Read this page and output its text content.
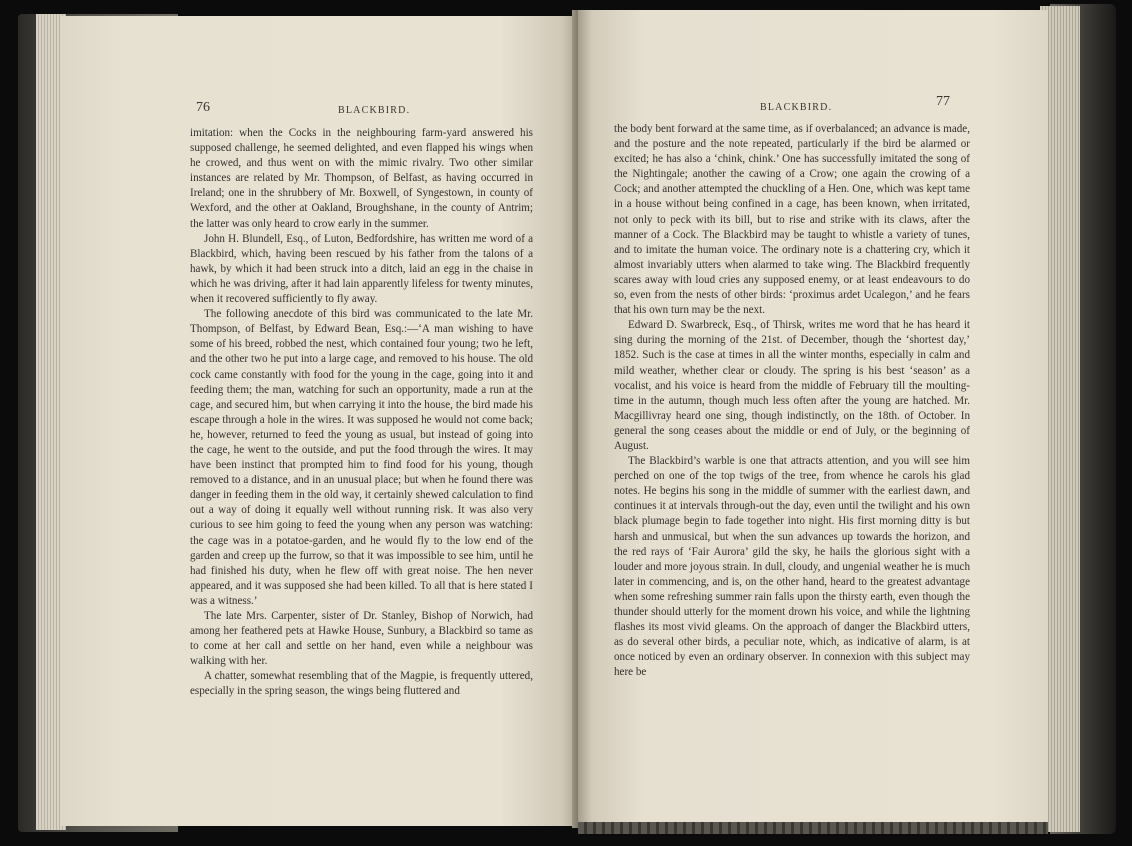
76	BLACKBIRD.

imitation: when the Cocks in the neighbouring farm-yard answered his supposed challenge, he seemed delighted, and even flapped his wings when he crowed, and thus went on with the mimic rivalry. Two other similar instances are related by Mr. Thompson, of Belfast, as having occurred in Ireland; one in the shrubbery of Mr. Boxwell, of Syngestown, in county of Wexford, and the other at Oakland, Broughshane, in the county of Antrim; the latter was only heard to crow early in the summer.

John H. Blundell, Esq., of Luton, Bedfordshire, has written me word of a Blackbird, which, having been rescued by his father from the talons of a hawk, by which it had been struck into a ditch, laid an egg in the chaise in which he was driving, after it had lain apparently lifeless for twenty minutes, when it recovered sufficiently to fly away.

The following anecdote of this bird was communicated to the late Mr. Thompson, of Belfast, by Edward Bean, Esq.:—‘A man wishing to have some of his breed, robbed the nest, which contained four young; two he left, and the other two he put into a large cage, and removed to his house. The old cock came constantly with food for the young in the cage, going into it and feeding them; the man, watching for such an opportunity, made a run at the cage, and secured him, but when carrying it into the house, the bird made his escape through a hole in the wires. It was supposed he would not come back; he, however, returned to feed the young as usual, but instead of going into the cage, he went to the outside, and put the food through the wires. It may have been instinct that prompted him to find food for his young, though removed to a distance, and in an unusual place; but when he found there was danger in feeding them in the old way, it certainly shewed calculation to find out a way of doing it equally well without running risk. It was also very curious to see him going to feed the young when any person was watching: the cage was in a potatoe-garden, and he would fly to the low end of the garden and creep up the furrow, so that it was impossible to see him, until he had finished his duty, when he flew off with great noise. The hen never appeared, and it was supposed she had been killed. To all that is here stated I was a witness.’

The late Mrs. Carpenter, sister of Dr. Stanley, Bishop of Norwich, had among her feathered pets at Hawke House, Sunbury, a Blackbird so tame as to come at her call and settle on her hand, even while a neighbour was walking with her.

A chatter, somewhat resembling that of the Magpie, is frequently uttered, especially in the spring season, the wings being fluttered and

BLACKBIRD.	77

the body bent forward at the same time, as if overbalanced; an advance is made, and the posture and the note repeated, particularly if the bird be alarmed or excited; he has also a ‘chink, chink.’ One has successfully imitated the song of the Nightingale; another the cawing of a Crow; one again the crowing of a Cock; and another attempted the chuckling of a Hen. One, which was kept tame in a house without being confined in a cage, has been known, when irritated, not only to peck with its bill, but to rise and strike with its claws, after the manner of a Cock. The Blackbird may be taught to whistle a variety of tunes, and to imitate the human voice. The ordinary note is a chattering cry, which it almost invariably utters when alarmed to take wing. The Blackbird frequently scares away with loud cries any supposed enemy, or at least endeavours to do so, even from the nests of other birds: ‘proximus ardet Ucalegon,’ and he fears that his own turn may be the next.

Edward D. Swarbreck, Esq., of Thirsk, writes me word that he has heard it sing during the morning of the 21st. of December, though the ‘shortest day,’ 1852. Such is the case at times in all the winter months, especially in calm and mild weather, whether clear or cloudy. The spring is his best ‘season’ as a vocalist, and his voice is heard from the middle of February till the moulting-time in the autumn, though much less often after the young are hatched. Mr. Macgillivray heard one sing, though indistinctly, on the 18th. of October. In general the song ceases about the middle or end of July, or the beginning of August.

The Blackbird’s warble is one that attracts attention, and you will see him perched on one of the top twigs of the tree, from whence he carols his glad notes. He begins his song in the middle of summer with the earliest dawn, and continues it at intervals through-out the day, even until the twilight and his own black plumage begin to fade together into night. His first morning ditty is but harsh and unmusical, but when the sun advances up towards the horizon, and the red rays of ‘Fair Aurora’ gild the sky, he hails the glorious sight with a louder and more joyous strain. In dull, cloudy, and ungenial weather he is much later in commencing, and is, on the other hand, heard to the greatest advantage when some refreshing summer rain falls upon the thirsty earth, even though the thunder should utterly for the moment drown his voice, and while the lightning flashes its most vivid gleams. On the approach of danger the Blackbird utters, as do several other birds, a peculiar note, which, as indicative of alarm, is at once noticed by even an ordinary observer. In connexion with this subject may here be
